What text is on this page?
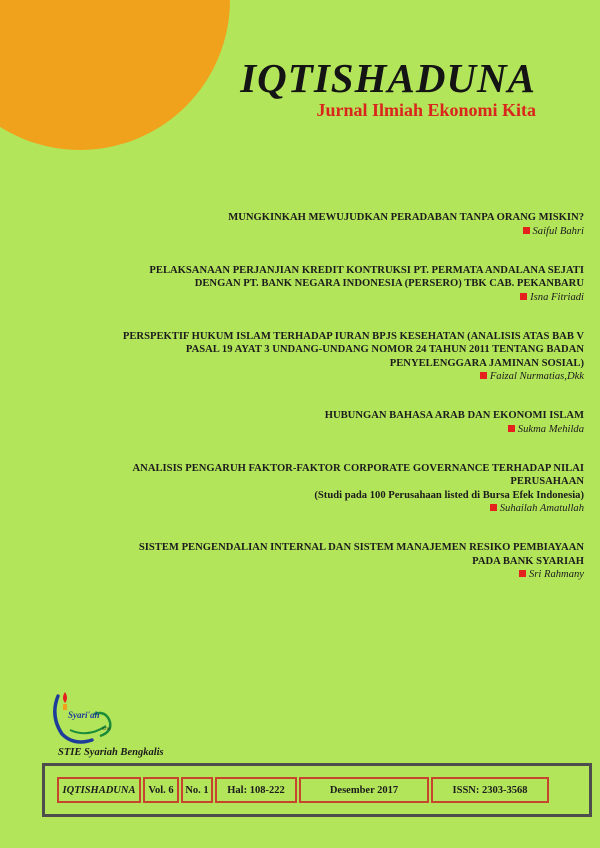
IQTISHADUNA
Jurnal Ilmiah Ekonomi Kita
MUNGKINKAH MEWUJUDKAN PERADABAN TANPA ORANG MISKIN?
Saiful Bahri
PELAKSANAAN PERJANJIAN KREDIT KONTRUKSI PT. PERMATA ANDALANA SEJATI
DENGAN PT. BANK NEGARA INDONESIA (PERSERO) TBK CAB. PEKANBARU
Isna Fitriadi
PERSPEKTIF HUKUM ISLAM TERHADAP IURAN BPJS KESEHATAN (ANALISIS ATAS BAB V
PASAL 19 AYAT 3 UNDANG-UNDANG NOMOR 24 TAHUN 2011 TENTANG BADAN
PENYELENGGARA JAMINAN SOSIAL)
Faizal Nurmatias,Dkk
HUBUNGAN BAHASA ARAB DAN EKONOMI ISLAM
Sukma Mehilda
ANALISIS PENGARUH FAKTOR-FAKTOR CORPORATE GOVERNANCE TERHADAP NILAI
PERUSAHAAN
(Studi pada 100 Perusahaan listed di Bursa Efek Indonesia)
Suhailah Amatullah
SISTEM PENGENDALIAN INTERNAL DAN SISTEM MANAJEMEN RESIKO PEMBIAYAAN
PADA BANK SYARIAH
Sri Rahmany
Syari'ah
STIE
STIE Syariah Bengkalis
IQTISHADUNA	Vol. 6	No. 1	Hal: 108-222	Desember 2017	ISSN: 2303-3568
